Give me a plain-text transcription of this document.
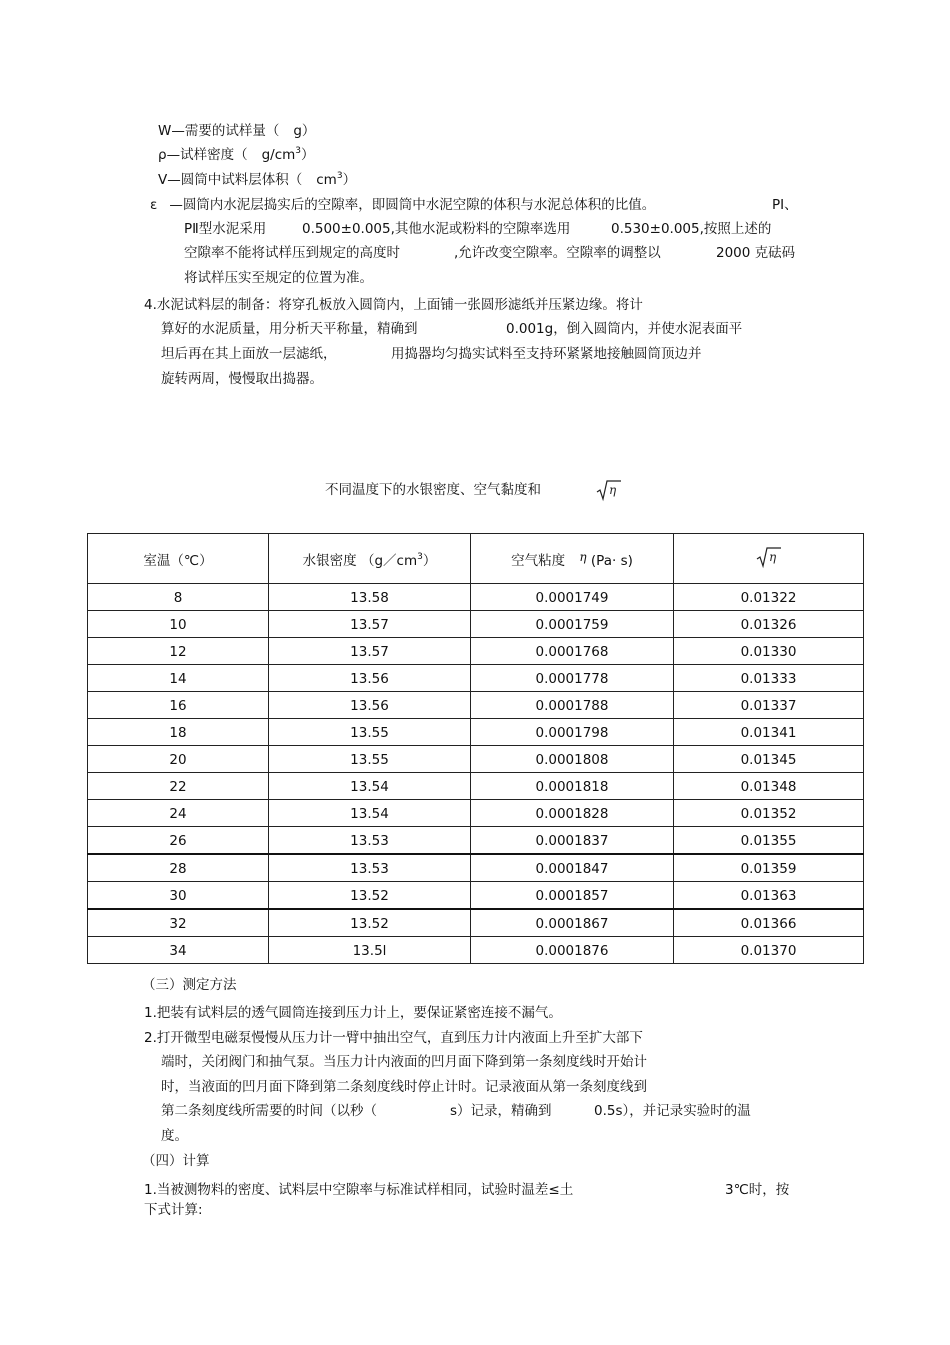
W—需要的试样量（ g）
ρ—试样密度（ $g/cm^3$）
V—圆筒中试料层体积（ $cm^3$）
ε —圆筒内水泥层捣实后的空隙率，即圆筒中水泥空隙的体积与水泥总体积的比值。	PⅠ、
PⅡ型水泥采用	0.500±0.005,其他水泥或粉料的空隙率选用	0.530±0.005,按照上述的
空隙率不能将试样压到规定的高度时	,允许改变空隙率。空隙率的调整以	2000 克砝码
将试样压实至规定的位置为准。
4.水泥试料层的制备：将穿孔板放入圆筒内，上面铺一张圆形滤纸并压紧边缘。将计
算好的水泥质量，用分析天平称量，精确到	0.001g，倒入圆筒内，并使水泥表面平
坦后再在其上面放一层滤纸，	用捣器均匀捣实试料至支持环紧紧地接触圆筒顶边并
旋转两周，慢慢取出捣器。
不同温度下的水银密度、空气黏度和	η
室温（℃）	水银密度 $(g/cm^3)$	空气粘度 η (Pa· s)	η

8	13.58	0.0001749	0.01322
10	13.57	0.0001759	0.01326
12	13.57	0.0001768	0.01330
14	13.56	0.0001778	0.01333
16	13.56	0.0001788	0.01337
18	13.55	0.0001798	0.01341
20	13.55	0.0001808	0.01345
22	13.54	0.0001818	0.01348
24	13.54	0.0001828	0.01352
26	13.53	0.0001837	0.01355
28	13.53	0.0001847	0.01359
30	13.52	0.0001857	0.01363
32	13.52	0.0001867	0.01366
34	13.5l	0.0001876	0.01370
（三）测定方法
1.把装有试料层的透气圆筒连接到压力计上，要保证紧密连接不漏气。
2.打开微型电磁泵慢慢从压力计一臂中抽出空气，直到压力计内液面上升至扩大部下
端时，关闭阀门和抽气泵。当压力计内液面的凹月面下降到第一条刻度线时开始计
时，当液面的凹月面下降到第二条刻度线时停止计时。记录液面从第一条刻度线到
第二条刻度线所需要的时间（以秒（	s）记录，精确到	0.5s），并记录实验时的温
度。
（四）计算
1.当被测物料的密度、试料层中空隙率与标准试样相同，试验时温差≤土	3℃时，按
下式计算:
